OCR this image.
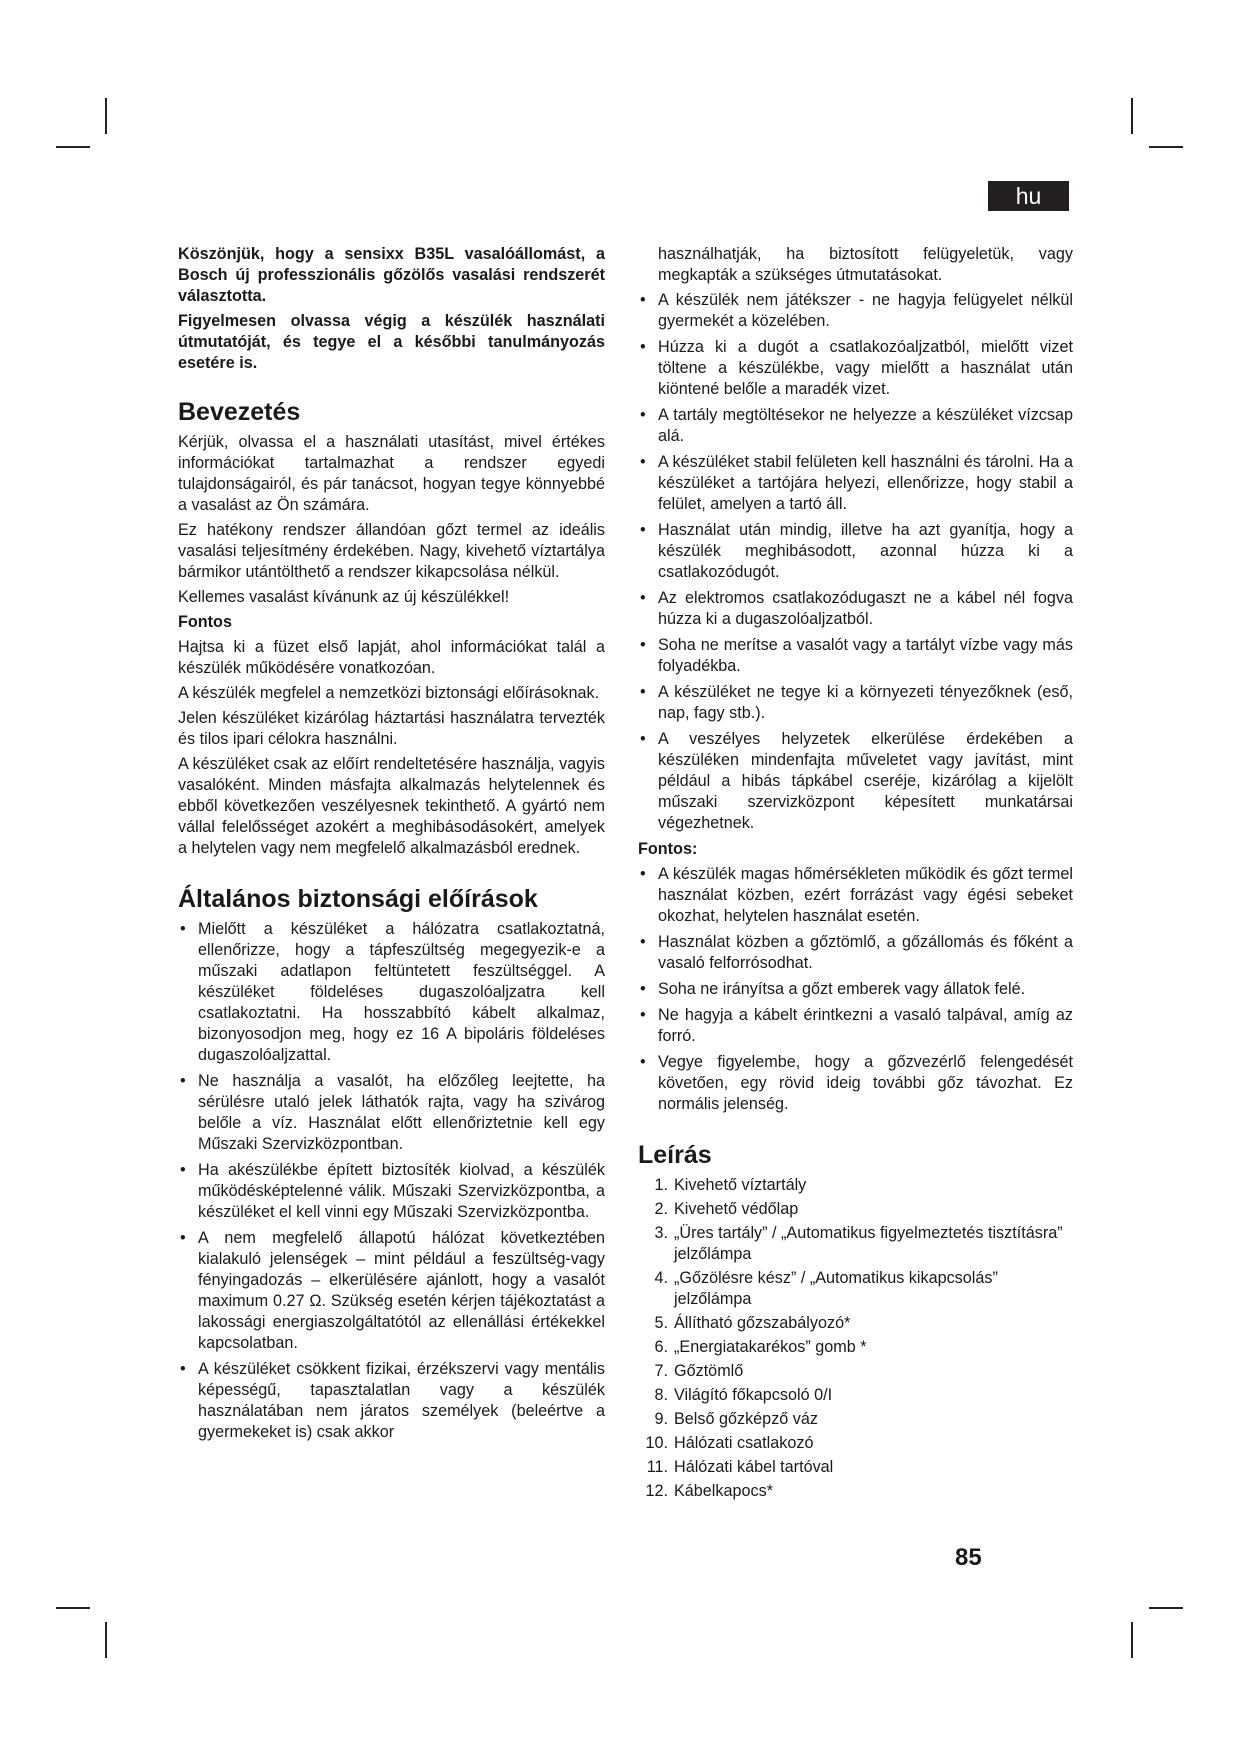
hu

Köszönjük, hogy a sensixx B35L vasalóállomást, a Bosch új professzionális gőzölős vasalási rendszerét választotta.

Figyelmesen olvassa végig a készülék használati útmutatóját, és tegye el a későbbi tanulmányozás esetére is.

Bevezetés

Kérjük, olvassa el a használati utasítást, mivel értékes információkat tartalmazhat a rendszer egyedi tulajdonságairól, és pár tanácsot, hogyan tegye könnyebbé a vasalást az Ön számára.

Ez hatékony rendszer állandóan gőzt termel az ideális vasalási teljesítmény érdekében. Nagy, kivehető víztartálya bármikor utántölthető a rendszer kikapcsolása nélkül.

Kellemes vasalást kívánunk az új készülékkel!

Fontos

Hajtsa ki a füzet első lapját, ahol információkat talál a készülék működésére vonatkozóan.

A készülék megfelel a nemzetközi biztonsági előírásoknak.

Jelen készüléket kizárólag háztartási használatra tervezték és tilos ipari célokra használni.

A készüléket csak az előírt rendeltetésére használja, vagyis vasalóként. Minden másfajta alkalmazás helytelennek és ebből következően veszélyesnek tekinthető. A gyártó nem vállal felelősséget azokért a meghibásodásokért, amelyek a helytelen vagy nem megfelelő alkalmazásból erednek.

Általános biztonsági előírások
• Mielőtt a készüléket a hálózatra csatlakoztatná, ellenőrizze, hogy a tápfeszültség megegyezik-e a műszaki adatlapon feltüntetett feszültséggel. A készüléket földeléses dugaszolóaljzatra kell csatlakoztatni. Ha hosszabbító kábelt alkalmaz, bizonyosodjon meg, hogy ez 16 A bipoláris földeléses dugaszolóaljzattal.
• Ne használja a vasalót, ha előzőleg leejtette, ha sérülésre utaló jelek láthatók rajta, vagy ha szivárog belőle a víz. Használat előtt ellenőriztetnie kell egy Műszaki Szervizközpontban.
• Ha akészülékbe épített biztosíték kiolvad, a készülék működésképtelenné válik. Műszaki Szervizközpontba, a készüléket el kell vinni egy Műszaki Szervizközpontba.
• A nem megfelelő állapotú hálózat következtében kialakuló jelenségek – mint például a feszültség-vagy fényingadozás – elkerülésére ajánlott, hogy a vasalót maximum 0.27 Ω. Szükség esetén kérjen tájékoztatást a lakossági energiaszolgáltatótól az ellenállási értékekkel kapcsolatban.
• A készüléket csökkent fizikai, érzékszervi vagy mentális képességű, tapasztalatlan vagy a készülék használatában nem járatos személyek (beleértve a gyermekeket is) csak akkor

használhatják, ha biztosított felügyeletük, vagy megkapták a szükséges útmutatásokat.

• A készülék nem játékszer - ne hagyja felügyelet nélkül gyermekét a közelében.
• Húzza ki a dugót a csatlakozóaljzatból, mielőtt vizet töltene a készülékbe, vagy mielőtt a használat után kiöntené belőle a maradék vizet.
• A tartály megtöltésekor ne helyezze a készüléket vízcsap alá.
• A készüléket stabil felületen kell használni és tárolni. Ha a készüléket a tartójára helyezi, ellenőrizze, hogy stabil a felület, amelyen a tartó áll.
• Használat után mindig, illetve ha azt gyanítja, hogy a készülék meghibásodott, azonnal húzza ki a csatlakozódugót.
• Az elektromos csatlakozódugaszt ne a kábel nél fogva húzza ki a dugaszolóaljzatból.
• Soha ne merítse a vasalót vagy a tartályt vízbe vagy más folyadékba.
• A készüléket ne tegye ki a környezeti tényezőknek (eső, nap, fagy stb.).
• A veszélyes helyzetek elkerülése érdekében a készüléken mindenfajta műveletet vagy javítást, mint például a hibás tápkábel cseréje, kizárólag a kijelölt műszaki szervizközpont képesített munkatársai végezhetnek.
Fontos:
• A készülék magas hőmérsékleten működik és gőzt termel használat közben, ezért forrázást vagy égési sebeket okozhat, helytelen használat esetén.
• Használat közben a gőztömlő, a gőzállomás és főként a vasaló felforrósodhat.
• Soha ne irányítsa a gőzt emberek vagy állatok felé.
• Ne hagyja a kábelt érintkezni a vasaló talpával, amíg az forró.
• Vegye figyelembe, hogy a gőzvezérlő felengedését követően, egy rövid ideig további gőz távozhat. Ez normális jelenség.
Leírás
1. Kivehető víztartály
2. Kivehető védőlap
3. „Üres tartály” / „Automatikus figyelmeztetés tisztításra” jelzőlámpa
4. „Gőzölésre kész” / „Automatikus kikapcsolás” jelzőlámpa
5. Állítható gőzszabályozó*
6. „Energiatakarékos” gomb *
7. Gőztömlő
8. Világító főkapcsoló 0/I
9. Belső gőzképző váz
10. Hálózati csatlakozó
11. Hálózati kábel tartóval
12. Kábelkapocs*
85
